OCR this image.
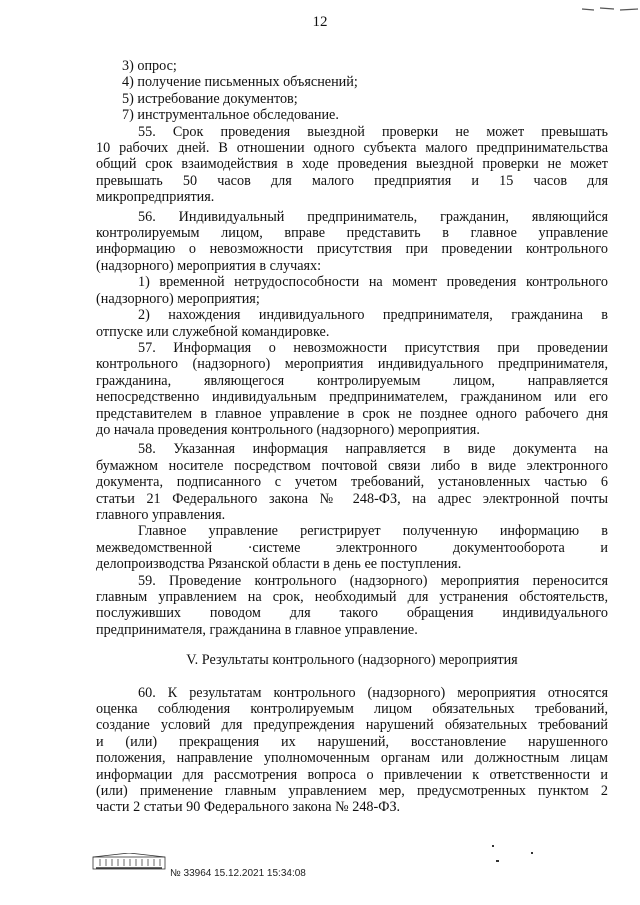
12
3) опрос;
4) получение письменных объяснений;
5) истребование документов;
7) инструментальное обследование.
55. Срок проведения выездной проверки не может превышать
10 рабочих дней. В отношении одного субъекта малого предпринимательства
общий срок взаимодействия в ходе проведения выездной проверки не может
превышать 50 часов для малого предприятия и 15 часов для
микропредприятия.
56. Индивидуальный предприниматель, гражданин, являющийся
контролируемым лицом, вправе представить в главное управление
информацию о невозможности присутствия при проведении контрольного
(надзорного) мероприятия в случаях:
1) временной нетрудоспособности на момент проведения контрольного
(надзорного) мероприятия;
2) нахождения индивидуального предпринимателя, гражданина в
отпуске или служебной командировке.
57. Информация о невозможности присутствия при проведении
контрольного (надзорного) мероприятия индивидуального предпринимателя,
гражданина, являющегося контролируемым лицом, направляется
непосредственно индивидуальным предпринимателем, гражданином или его
представителем в главное управление в срок не позднее одного рабочего дня
до начала проведения контрольного (надзорного) мероприятия.
58. Указанная информация направляется в виде документа на
бумажном носителе посредством почтовой связи либо в виде электронного
документа, подписанного с учетом требований, установленных частью 6
статьи 21 Федерального закона № 248-ФЗ, на адрес электронной почты
главного управления.
Главное управление регистрирует полученную информацию в
межведомственной ·системе электронного документооборота и
делопроизводства Рязанской области в день ее поступления.
59. Проведение контрольного (надзорного) мероприятия переносится
главным управлением на срок, необходимый для устранения обстоятельств,
послуживших поводом для такого обращения индивидуального
предпринимателя, гражданина в главное управление.
V. Результаты контрольного (надзорного) мероприятия
60. К результатам контрольного (надзорного) мероприятия относятся
оценка соблюдения контролируемым лицом обязательных требований,
создание условий для предупреждения нарушений обязательных требований
и (или) прекращения их нарушений, восстановление нарушенного
положения, направление уполномоченным органам или должностным лицам
информации для рассмотрения вопроса о привлечении к ответственности и
(или) применение главным управлением мер, предусмотренных пунктом 2
части 2 статьи 90 Федерального закона № 248-ФЗ.
№ 33964 15.12.2021 15:34:08
